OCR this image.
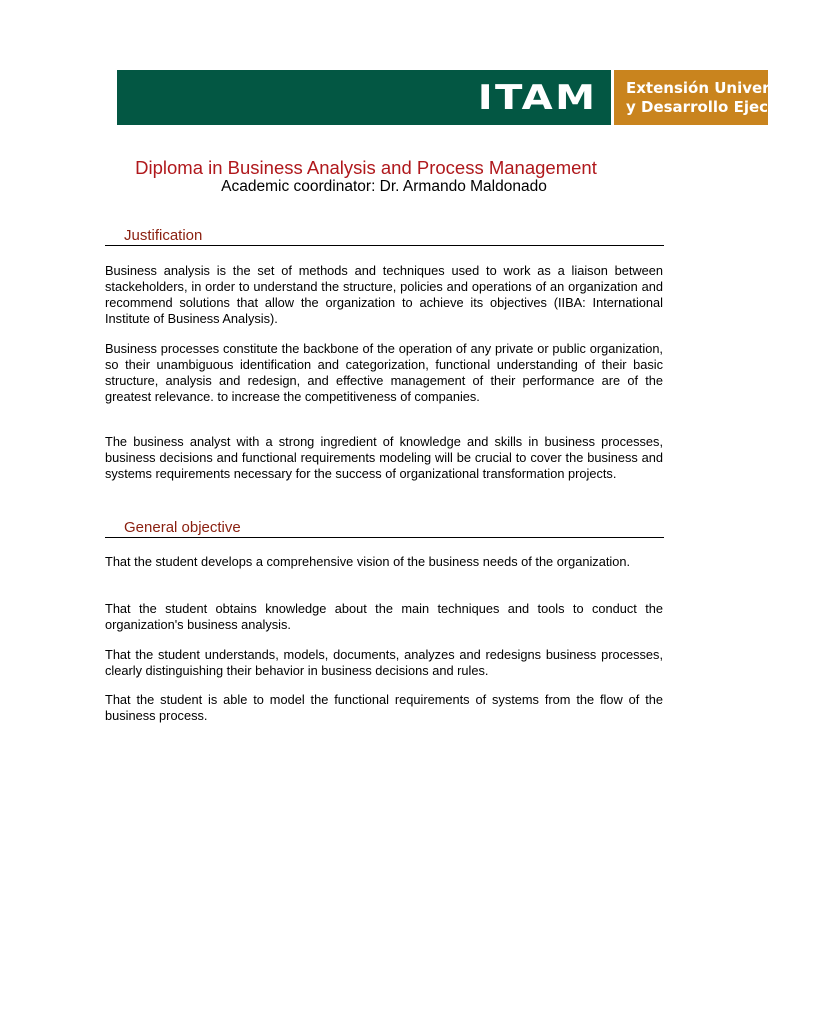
ITAM Extensión Universitaria
y Desarrollo Ejecutivo
Diploma in Business Analysis and Process Management
Academic coordinator: Dr. Armando Maldonado
Justification

Business analysis is the set of methods and techniques used to work as a liaison between stackeholders, in order to understand the structure, policies and operations of an organization and recommend solutions that allow the organization to achieve its objectives (IIBA: International Institute of Business Analysis).

Business processes constitute the backbone of the operation of any private or public organization, so their unambiguous identification and categorization, functional understanding of their basic structure, analysis and redesign, and effective management of their performance are of the greatest relevance. to increase the competitiveness of companies.

The business analyst with a strong ingredient of knowledge and skills in business processes, business decisions and functional requirements modeling will be crucial to cover the business and systems requirements necessary for the success of organizational transformation projects.

General objective

That the student develops a comprehensive vision of the business needs of the organization.

That the student obtains knowledge about the main techniques and tools to conduct the organization's business analysis.

That the student understands, models, documents, analyzes and redesigns business processes, clearly distinguishing their behavior in business decisions and rules.

That the student is able to model the functional requirements of systems from the flow of the business process.
